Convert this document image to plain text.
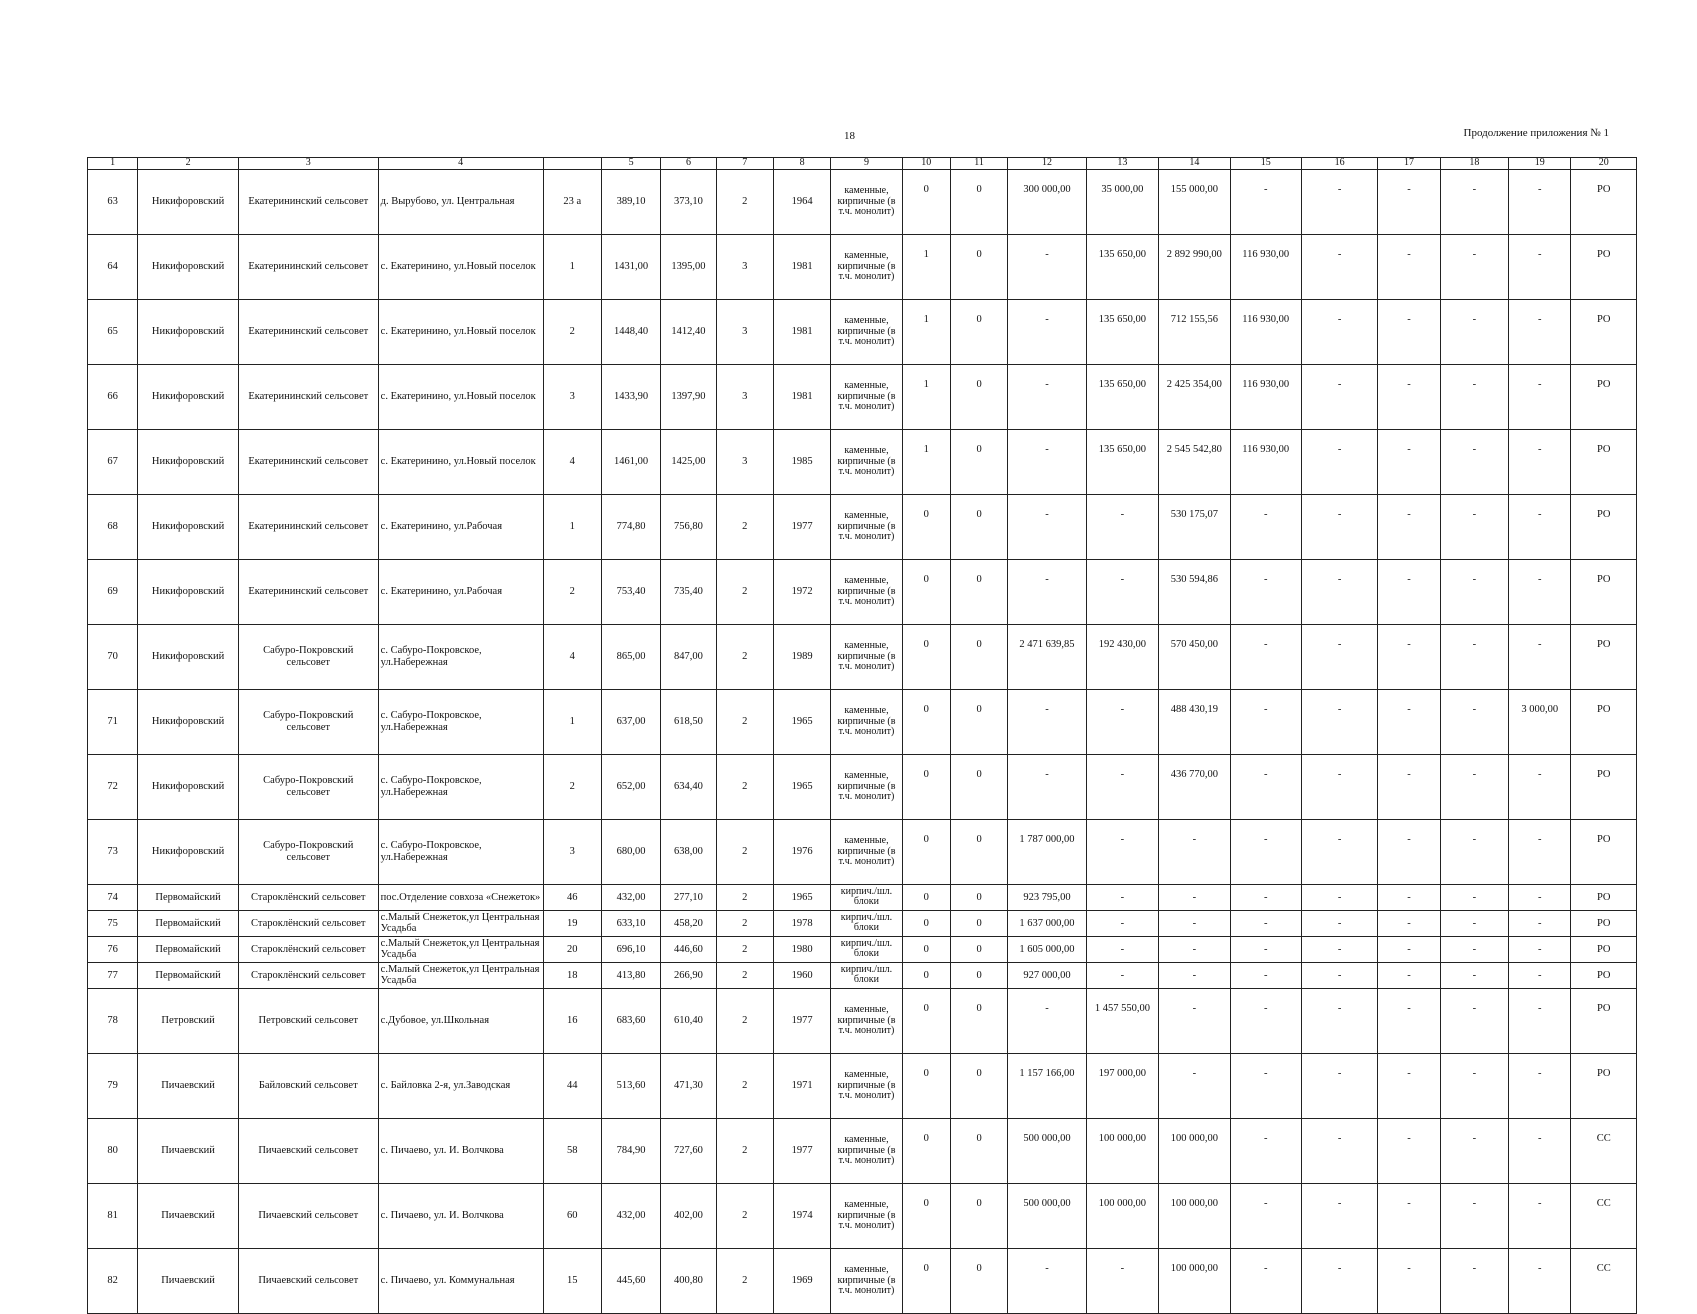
18	Продолжение приложения № 1
1	2	3	4		5	6	7	8	9	10	11	12	13	14	15	16	17	18	19	20
63	Никифоровский	Екатерининский сельсовет	д. Вырубово, ул. Центральная	23 а	389,10	373,10	2	1964	каменные, кирпичные (в т.ч. монолит)	0	0	300 000,00	35 000,00	155 000,00	-	-	-	-	-	РО
64	Никифоровский	Екатерининский сельсовет	с. Екатеринино, ул.Новый поселок	1	1431,00	1395,00	3	1981	каменные, кирпичные (в т.ч. монолит)	1	0	-	135 650,00	2 892 990,00	116 930,00	-	-	-	-	РО
65	Никифоровский	Екатерининский сельсовет	с. Екатеринино, ул.Новый поселок	2	1448,40	1412,40	3	1981	каменные, кирпичные (в т.ч. монолит)	1	0	-	135 650,00	712 155,56	116 930,00	-	-	-	-	РО
66	Никифоровский	Екатерининский сельсовет	с. Екатеринино, ул.Новый поселок	3	1433,90	1397,90	3	1981	каменные, кирпичные (в т.ч. монолит)	1	0	-	135 650,00	2 425 354,00	116 930,00	-	-	-	-	РО
67	Никифоровский	Екатерининский сельсовет	с. Екатеринино, ул.Новый поселок	4	1461,00	1425,00	3	1985	каменные, кирпичные (в т.ч. монолит)	1	0	-	135 650,00	2 545 542,80	116 930,00	-	-	-	-	РО
68	Никифоровский	Екатерининский сельсовет	с. Екатеринино, ул.Рабочая	1	774,80	756,80	2	1977	каменные, кирпичные (в т.ч. монолит)	0	0	-	-	530 175,07	-	-	-	-	-	РО
69	Никифоровский	Екатерининский сельсовет	с. Екатеринино, ул.Рабочая	2	753,40	735,40	2	1972	каменные, кирпичные (в т.ч. монолит)	0	0	-	-	530 594,86	-	-	-	-	-	РО
70	Никифоровский	Сабуро-Покровский сельсовет	с. Сабуро-Покровское, ул.Набережная	4	865,00	847,00	2	1989	каменные, кирпичные (в т.ч. монолит)	0	0	2 471 639,85	192 430,00	570 450,00	-	-	-	-	-	РО
71	Никифоровский	Сабуро-Покровский сельсовет	с. Сабуро-Покровское, ул.Набережная	1	637,00	618,50	2	1965	каменные, кирпичные (в т.ч. монолит)	0	0	-	-	488 430,19	-	-	-	-	3 000,00	РО
72	Никифоровский	Сабуро-Покровский сельсовет	с. Сабуро-Покровское, ул.Набережная	2	652,00	634,40	2	1965	каменные, кирпичные (в т.ч. монолит)	0	0	-	-	436 770,00	-	-	-	-	-	РО
73	Никифоровский	Сабуро-Покровский сельсовет	с. Сабуро-Покровское, ул.Набережная	3	680,00	638,00	2	1976	каменные, кирпичные (в т.ч. монолит)	0	0	1 787 000,00	-	-	-	-	-	-	-	РО
74	Первомайский	Староклёнский сельсовет	пос.Отделение совхоза «Снежеток»	46	432,00	277,10	2	1965	кирпич./шл. блоки	0	0	923 795,00	-	-	-	-	-	-	-	РО
75	Первомайский	Староклёнский сельсовет	с.Малый Снежеток,ул Центральная Усадьба	19	633,10	458,20	2	1978	кирпич./шл. блоки	0	0	1 637 000,00	-	-	-	-	-	-	-	РО
76	Первомайский	Староклёнский сельсовет	с.Малый Снежеток,ул Центральная Усадьба	20	696,10	446,60	2	1980	кирпич./шл. блоки	0	0	1 605 000,00	-	-	-	-	-	-	-	РО
77	Первомайский	Староклёнский сельсовет	с.Малый Снежеток,ул Центральная Усадьба	18	413,80	266,90	2	1960	кирпич./шл. блоки	0	0	927 000,00	-	-	-	-	-	-	-	РО
78	Петровский	Петровский сельсовет	с.Дубовое, ул.Школьная	16	683,60	610,40	2	1977	каменные, кирпичные (в т.ч. монолит)	0	0	-	1 457 550,00	-	-	-	-	-	-	РО
79	Пичаевский	Байловский сельсовет	с. Байловка 2-я, ул.Заводская	44	513,60	471,30	2	1971	каменные, кирпичные (в т.ч. монолит)	0	0	1 157 166,00	197 000,00	-	-	-	-	-	-	РО
80	Пичаевский	Пичаевский сельсовет	с. Пичаево, ул. И. Волчкова	58	784,90	727,60	2	1977	каменные, кирпичные (в т.ч. монолит)	0	0	500 000,00	100 000,00	100 000,00	-	-	-	-	-	СС
81	Пичаевский	Пичаевский сельсовет	с. Пичаево, ул. И. Волчкова	60	432,00	402,00	2	1974	каменные, кирпичные (в т.ч. монолит)	0	0	500 000,00	100 000,00	100 000,00	-	-	-	-	-	СС
82	Пичаевский	Пичаевский сельсовет	с. Пичаево, ул. Коммунальная	15	445,60	400,80	2	1969	каменные, кирпичные (в т.ч. монолит)	0	0	-	-	100 000,00	-	-	-	-	-	СС
